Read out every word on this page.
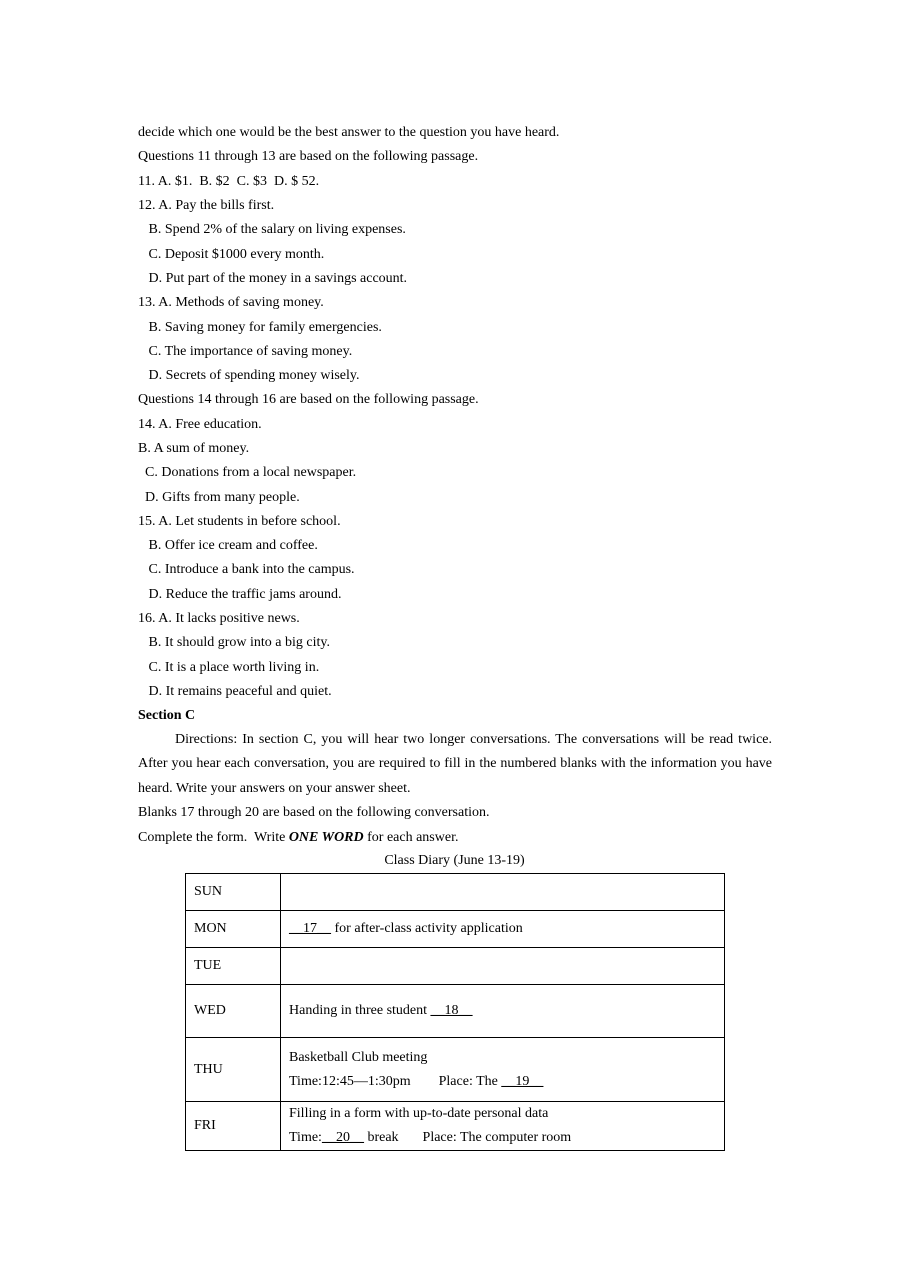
decide which one would be the best answer to the question you have heard.
Questions 11 through 13 are based on the following passage.
11. A. $1.  B. $2  C. $3  D. $ 52.
12. A. Pay the bills first.
B. Spend 2% of the salary on living expenses.
C. Deposit $1000 every month.
D. Put part of the money in a savings account.
13. A. Methods of saving money.
B. Saving money for family emergencies.
C. The importance of saving money.
D. Secrets of spending money wisely.
Questions 14 through 16 are based on the following passage.
14. A. Free education.
B. A sum of money.
C. Donations from a local newspaper.
D. Gifts from many people.
15. A. Let students in before school.
B. Offer ice cream and coffee.
C. Introduce a bank into the campus.
D. Reduce the traffic jams around.
16. A. It lacks positive news.
B. It should grow into a big city.
C. It is a place worth living in.
D. It remains peaceful and quiet.
Section C
Directions: In section C, you will hear two longer conversations. The conversations will be read twice. After you hear each conversation, you are required to fill in the numbered blanks with the information you have heard. Write your answers on your answer sheet.
Blanks 17 through 20 are based on the following conversation.
Complete the form.  Write ONE WORD for each answer.
Class Diary (June 13-19)
SUN	
MON	__17__ for after-class activity application
TUE	
WED	Handing in three student __18__
THU	Basketball Club meeting
Time:12:45—1:30pm Place: The __19__

FRI	Filling in a form with up-to-date personal data
Time:__20__ break Place: The computer room
